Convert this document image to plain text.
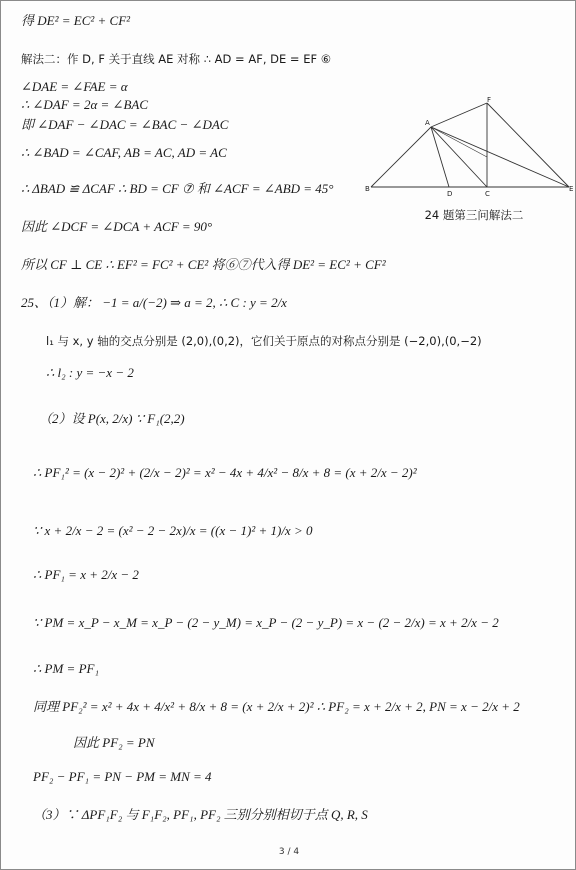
得 DE² = EC² + CF²
解法二：作 D, F 关于直线 AE 对称 ∴ AD = AF, DE = EF ⑥
∠DAE = ∠FAE = α
∴ ∠DAF = 2α = ∠BAC
即 ∠DAF − ∠DAC = ∠BAC − ∠DAC
∴ ∠BAD = ∠CAF, AB = AC, AD = AC
∴ ΔBAD ≌ ΔCAF ∴ BD = CF ⑦ 和 ∠ACF = ∠ABD = 45°
因此 ∠DCF = ∠DCA + ACF = 90°
所以 CF ⊥ CE ∴ EF² = FC² + CE² 将⑥⑦代入得 DE² = EC² + CF²
25、（1）解： −1 = a/(−2) ⇒ a = 2, ∴ C : y = 2/x
l₁ 与 x, y 轴的交点分别是 (2,0),(0,2)，它们关于原点的对称点分别是 (−2,0),(0,−2)
∴ l₂ : y = −x − 2
（2）设 P(x, 2/x) ∵ F₁(2,2)
∴ PF₁² = (x − 2)² + (2/x − 2)² = x² − 4x + 4/x² − 8/x + 8 = (x + 2/x − 2)²
∵ x + 2/x − 2 = (x² − 2 − 2x)/x = ((x − 1)² + 1)/x > 0
∴ PF₁ = x + 2/x − 2
∵ PM = x_P − x_M = x_P − (2 − y_M) = x_P − (2 − y_P) = x − (2 − 2/x) = x + 2/x − 2
∴ PM = PF₁
同理 PF₂² = x² + 4x + 4/x² + 8/x + 8 = (x + 2/x + 2)² ∴ PF₂ = x + 2/x + 2, PN = x − 2/x + 2
因此 PF₂ = PN
PF₂ − PF₁ = PN − PM = MN = 4
（3）∵ ΔPF₁F₂ 与 F₁F₂, PF₁, PF₂ 三别分别相切于点 Q, R, S
A
F
B
D	C
E
24 题第三问解法二
3 / 4
